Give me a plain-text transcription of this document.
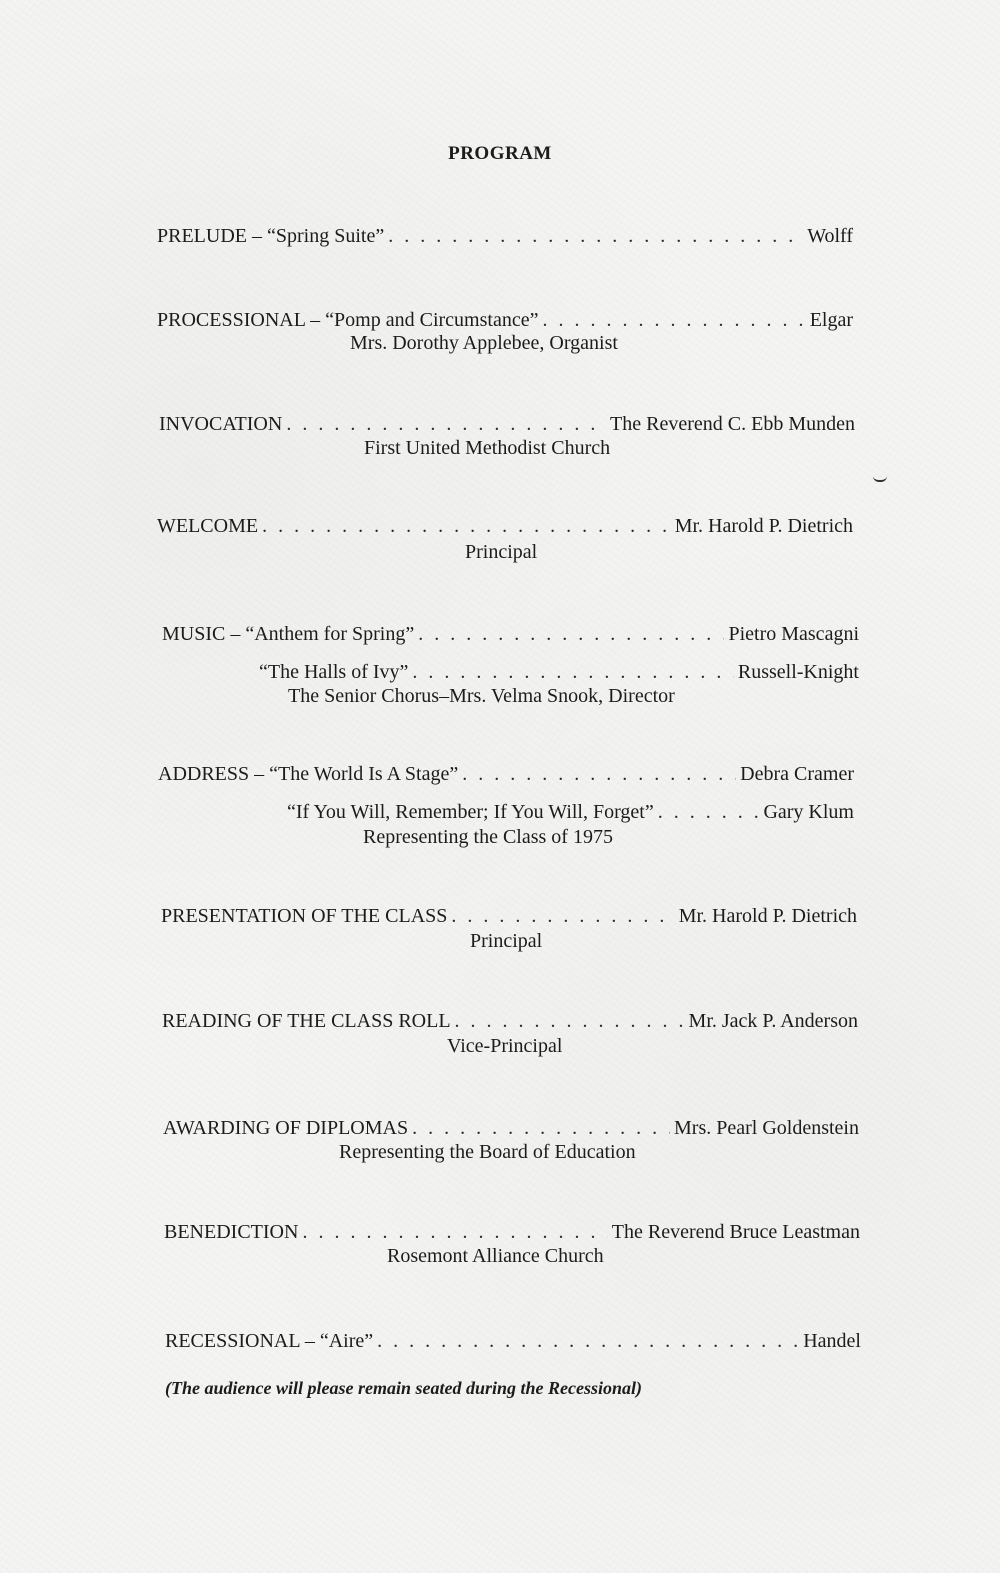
PROGRAM
PRELUDE – “Spring Suite” . . .	Wolff
PROCESSIONAL – “Pomp and Circumstance” . . .	Elgar
Mrs. Dorothy Applebee, Organist
INVOCATION . . .	The Reverend C. Ebb Munden
First United Methodist Church
WELCOME . . .	Mr. Harold P. Dietrich
Principal
MUSIC – “Anthem for Spring” . . .	Pietro Mascagni
“The Halls of Ivy” . . .	Russell-Knight
The Senior Chorus–Mrs. Velma Snook, Director
ADDRESS – “The World Is A Stage” . . .	Debra Cramer
“If You Will, Remember; If You Will, Forget” . . .	Gary Klum
Representing the Class of 1975
PRESENTATION OF THE CLASS . . .	Mr. Harold P. Dietrich
Principal
READING OF THE CLASS ROLL . . .	Mr. Jack P. Anderson
Vice-Principal
AWARDING OF DIPLOMAS . . .	Mrs. Pearl Goldenstein
Representing the Board of Education
BENEDICTION . . .	The Reverend Bruce Leastman
Rosemont Alliance Church
RECESSIONAL – “Aire” . . .	Handel
(The audience will please remain seated during the Recessional)
